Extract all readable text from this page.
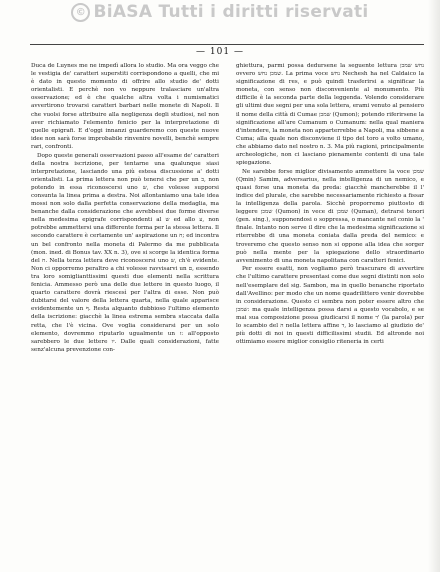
© BiASA Tutti i diritti riservati
— 101 —

Duca de Luynes me ne impedì allora lo studio. Ma ora veggo che le vestigia de' caratteri superstiti corrispondono a quelli, che mi è dato in questo momento di offrire allo studio de' dotti orientalisti. E perchè non vo neppure tralasciare un'altra osservazione; ed è che qualche altra volta i numismatici avvertirono trovarsi caratteri barbari nelle monete di Napoli. Il che vuolsi forse attribuire alla negligenza degli studiosi, nel non aver richiamato l'elemento fenicio per la interpretazione di quelle epigrafi. E d'oggi innanzi guarderemo con queste nuove idee non sarà forse improbabile rinvenire novelli, benchè sempre rari, confronti.

Dopo queste generali osservazioni passo all'esame de' caratteri della nostra iscrizione, per tentarne una qualunque siasi interpretazione, lasciando una più estesa discussione a' dotti orientalisti. La prima lettera non può tenersi che per un ב, non potendo in essa riconoscersi uno ש, che volesse supporsi consunta la linea prima a destra. Noi allontaniamo una tale idea mossi non solo dalla perfetta conservazione della medaglia, ma benanche dalla considerazione che avrebbesi due forme diverse nella medesima epigrafe corrispondenti al ש ed allo ע, non potrebbe ammettersi una differente forma per la stessa lettera. Il secondo carattere è certamente un' aspirazione un ח; ed incontra un bel confronto nella moneta di Palermo da me pubblicata (mon. ined. di Bonus tav. XX n. 3), ove si scorge la identica forma del ח. Nella terza lettera deve riconoscersi uno ש, ch'è evidente. Non ci opporremo peraltro a chi volesse ravvisarvi un ם, essendo tra loro somiglianttissimi questi due elementi nella scrittura fenicia. Ammesso però una delle due lettere in questo luogo, il quarto carattere dovrà riescesì per l'altra di esse. Non può dubitarsi del valore della lettera quarta, nella quale apparisce evidentemente un ף. Resta alquanto dubbioso l'ultimo elemento della iscrizione: giacchè la linea estrema sembra staccata dalla retta, che l'è vicina. Ove voglia considerarsi per un solo elemento, dovremmo riputarlo ugualmente un ז: all'opposto sarebbero le due lettere יו. Dalle quali considerazioni, fatte senz'alcuna prevenzione con-

ghiettura, parmi possa dedursene la seguente lettura נחש שמכן ovvero שמכן נחש. La prima voce נחש Nechesh ha nel Caldaico la significazione di res, e può quindi trasferirsi a significar la moneta, con senso non disconveniente al monumento. Più difficile è la seconda parte della leggenda. Volendo considerare gli ultimi due segni per una sola lettera, erami venuto al pensiero il nome della città di Cumae שמכן (Qumon); potendo riferirsene la significazione all'are Cumanum o Cumanum: nella qual maniera d'intendere, la moneta non apparterrebbe a Napoli, ma sibbene a Cuma; alla quale non disconviene il tipo del toro a volto umano, che abbiamo dato nel nostro n. 3. Ma più ragioni, principalmente archeologiche, non ci lasciano pienamente contenti di una tale spiegazione.

Ne sarebbe forse miglior divisamento ammettere la voce שמכן (Qmin) Samim, adversarius, nella intelligenza di un nemico, e quasi forse una moneta da preda: giacchè mancherebbe il l' indice del plurale, che sarebbe necessariamente richiesto a fissar la intelligenza della parola. Sicchè proporremo piuttosto di leggere שמכן (Qumon) in vece di שמכן (Quman), detrarsi tenori (gen. sing.), supponendosi o soppressa, o mancante nel conio la ' finale. Intanto non serve il dire che la medesima significazione si riterrebbe di una moneta coniata dalla preda del nemico: e troveremo che questo senso non si oppone alla idea che sorger può nella mente per la spiegazione dello straordinario avvenimento di una moneta napolitana con caratteri fenici.

Per essere esatti, non vogliamo però trascurare di avvertire che l'ultimo carattere presentasi come due segni distinti non solo nell'esemplare del sig. Sambon, ma in quello benanche riportato dall'Avellino: per modo che un nome quadrilittero venir dovrebbe in considerazione. Questo ci sembra non poter essere altro che שמכן: ma quale intelligenza possa darsi a questo vocabolo, e se mai sua composizione possa giudicarsi il nome ד' (la parola) per lo scambio del ה nella lettera affine ד, lo lasciamo al giudizio de' più dotti di noi in questi difficilissimi studii. Ed altronde noi ottimiamo essere miglior consiglio riteneria in certi
